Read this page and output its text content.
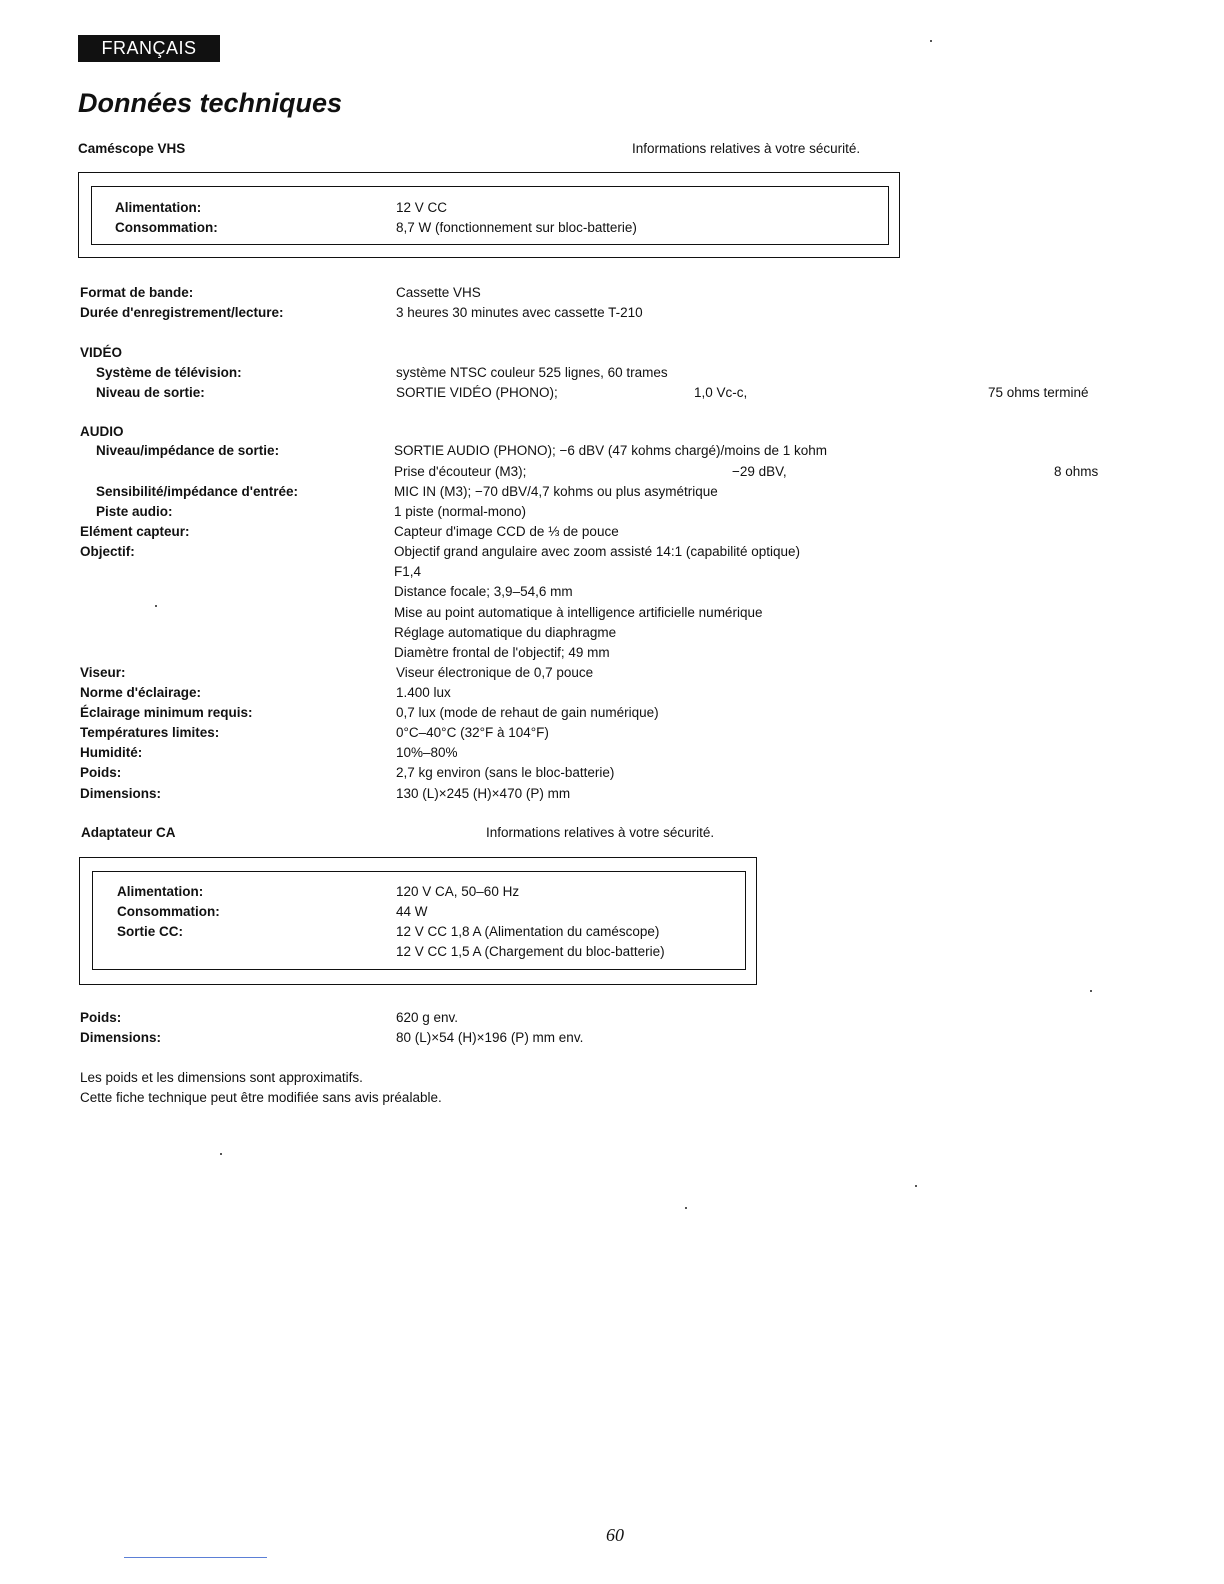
FRANÇAIS
Données techniques
Caméscope VHS	Informations relatives à votre sécurité.
Alimentation:	12 V CC
Consommation:	8,7 W (fonctionnement sur bloc-batterie)
Format de bande:	Cassette VHS
Durée d'enregistrement/lecture:	3 heures 30 minutes avec cassette T-210
VIDÉO
Système de télévision:	système NTSC couleur 525 lignes, 60 trames
Niveau de sortie:	SORTIE VIDÉO (PHONO);	1,0 Vc-c,	75 ohms terminé
AUDIO
Niveau/impédance de sortie:	SORTIE AUDIO (PHONO); −6 dBV (47 kohms chargé)/moins de 1 kohm
Prise d'écouteur (M3);	−29 dBV,	8 ohms
Sensibilité/impédance d'entrée:	MIC IN (M3); −70 dBV/4,7 kohms ou plus asymétrique
Piste audio:	1 piste (normal-mono)
Elément capteur:	Capteur d'image CCD de ⅓ de pouce
Objectif:	Objectif grand angulaire avec zoom assisté 14:1 (capabilité optique)
F1,4
Distance focale; 3,9–54,6 mm
Mise au point automatique à intelligence artificielle numérique
Réglage automatique du diaphragme
Diamètre frontal de l'objectif; 49 mm
Viseur:	Viseur électronique de 0,7 pouce
Norme d'éclairage:	1.400 lux
Éclairage minimum requis:	0,7 lux (mode de rehaut de gain numérique)
Températures limites:	0°C–40°C (32°F à 104°F)
Humidité:	10%–80%
Poids:	2,7 kg environ (sans le bloc-batterie)
Dimensions:	130 (L)×245 (H)×470 (P) mm
Adaptateur CA	Informations relatives à votre sécurité.
Alimentation:	120 V CA, 50–60 Hz
Consommation:	44 W
Sortie CC:	12 V CC 1,8 A (Alimentation du caméscope)
12 V CC 1,5 A (Chargement du bloc-batterie)
Poids:	620 g env.
Dimensions:	80 (L)×54 (H)×196 (P) mm env.
Les poids et les dimensions sont approximatifs.
Cette fiche technique peut être modifiée sans avis préalable.
60
